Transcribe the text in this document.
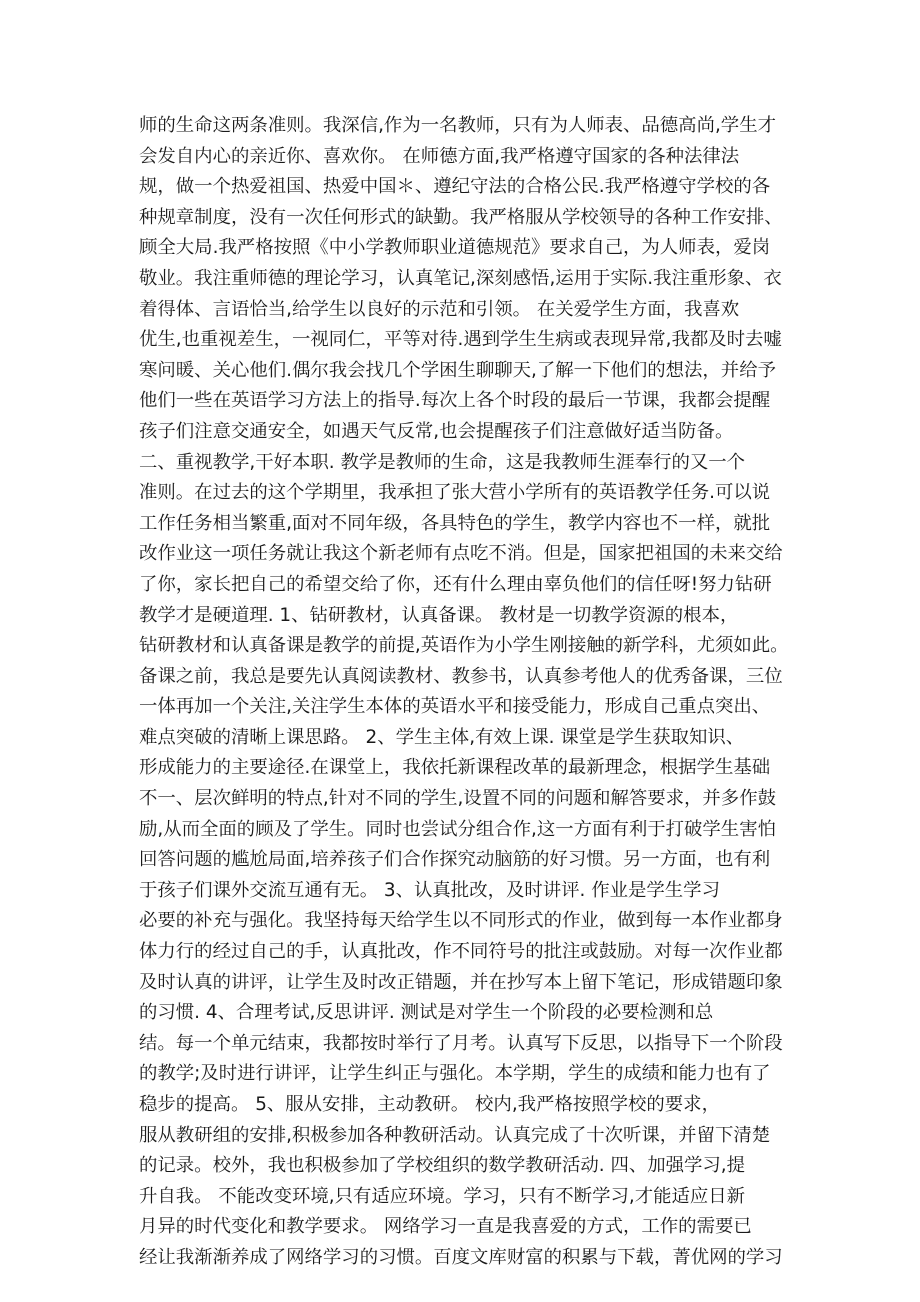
师的生命这两条准则。我深信,作为一名教师，只有为人师表、品德高尚,学生才
会发自内心的亲近你、喜欢你。 在师德方面,我严格遵守国家的各种法律法
规，做一个热爱祖国、热爱中国＊、遵纪守法的合格公民.我严格遵守学校的各
种规章制度，没有一次任何形式的缺勤。我严格服从学校领导的各种工作安排、
顾全大局.我严格按照《中小学教师职业道德规范》要求自己，为人师表，爱岗
敬业。我注重师德的理论学习，认真笔记,深刻感悟,运用于实际.我注重形象、衣
着得体、言语恰当,给学生以良好的示范和引领。 在关爱学生方面，我喜欢
优生,也重视差生，一视同仁，平等对待.遇到学生生病或表现异常,我都及时去嘘
寒问暖、关心他们.偶尔我会找几个学困生聊聊天,了解一下他们的想法，并给予
他们一些在英语学习方法上的指导.每次上各个时段的最后一节课，我都会提醒
孩子们注意交通安全，如遇天气反常,也会提醒孩子们注意做好适当防备。
二、重视教学,干好本职. 教学是教师的生命，这是我教师生涯奉行的又一个
准则。在过去的这个学期里，我承担了张大营小学所有的英语教学任务.可以说
工作任务相当繁重,面对不同年级，各具特色的学生，教学内容也不一样，就批
改作业这一项任务就让我这个新老师有点吃不消。但是，国家把祖国的未来交给
了你，家长把自己的希望交给了你，还有什么理由辜负他们的信任呀!努力钻研
教学才是硬道理. 1、钻研教材，认真备课。 教材是一切教学资源的根本，
钻研教材和认真备课是教学的前提,英语作为小学生刚接触的新学科，尤须如此。
备课之前，我总是要先认真阅读教材、教参书，认真参考他人的优秀备课，三位
一体再加一个关注,关注学生本体的英语水平和接受能力，形成自己重点突出、
难点突破的清晰上课思路。 2、学生主体,有效上课. 课堂是学生获取知识、
形成能力的主要途径.在课堂上，我依托新课程改革的最新理念，根据学生基础
不一、层次鲜明的特点,针对不同的学生,设置不同的问题和解答要求，并多作鼓
励,从而全面的顾及了学生。同时也尝试分组合作,这一方面有利于打破学生害怕
回答问题的尴尬局面,培养孩子们合作探究动脑筋的好习惯。另一方面，也有利
于孩子们课外交流互通有无。 3、认真批改，及时讲评. 作业是学生学习
必要的补充与强化。我坚持每天给学生以不同形式的作业，做到每一本作业都身
体力行的经过自己的手，认真批改，作不同符号的批注或鼓励。对每一次作业都
及时认真的讲评，让学生及时改正错题，并在抄写本上留下笔记，形成错题印象
的习惯. 4、合理考试,反思讲评. 测试是对学生一个阶段的必要检测和总
结。每一个单元结束，我都按时举行了月考。认真写下反思，以指导下一个阶段
的教学;及时进行讲评，让学生纠正与强化。本学期，学生的成绩和能力也有了
稳步的提高。 5、服从安排，主动教研。 校内,我严格按照学校的要求，
服从教研组的安排,积极参加各种教研活动。认真完成了十次听课，并留下清楚
的记录。校外，我也积极参加了学校组织的数学教研活动. 四、加强学习,提
升自我。 不能改变环境,只有适应环境。学习，只有不断学习,才能适应日新
月异的时代变化和教学要求。 网络学习一直是我喜爱的方式，工作的需要已
经让我渐渐养成了网络学习的习惯。百度文库财富的积累与下载，菁优网的学习
